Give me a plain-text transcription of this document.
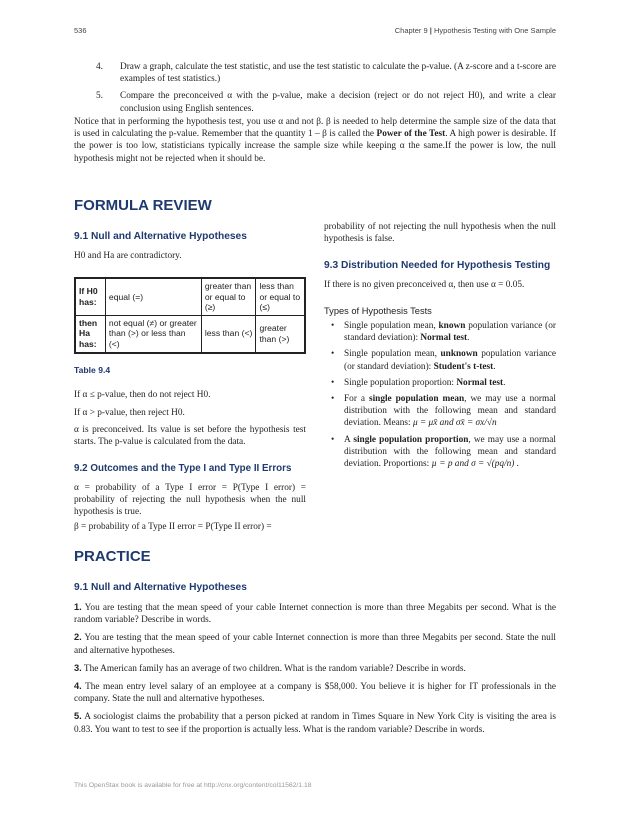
536	Chapter 9 | Hypothesis Testing with One Sample
4. Draw a graph, calculate the test statistic, and use the test statistic to calculate the p-value. (A z-score and a t-score are examples of test statistics.)
5. Compare the preconceived α with the p-value, make a decision (reject or do not reject H0), and write a clear conclusion using English sentences.
Notice that in performing the hypothesis test, you use α and not β. β is needed to help determine the sample size of the data that is used in calculating the p-value. Remember that the quantity 1 – β is called the Power of the Test. A high power is desirable. If the power is too low, statisticians typically increase the sample size while keeping α the same.If the power is low, the null hypothesis might not be rejected when it should be.
FORMULA REVIEW
9.1 Null and Alternative Hypotheses
H0 and Ha are contradictory.
If H0 has:	equal (=)	greater than or equal to (≥)	less than or equal to (≤)
then Ha has:	not equal (≠) or greater than (>) or less than (<)	less than (<)	greater than (>)
Table 9.4
If α ≤ p-value, then do not reject H0.
If α > p-value, then reject H0.
α is preconceived. Its value is set before the hypothesis test starts. The p-value is calculated from the data.
9.2 Outcomes and the Type I and Type II Errors
α = probability of a Type I error = P(Type I error) = probability of rejecting the null hypothesis when the null hypothesis is true.
β = probability of a Type II error = P(Type II error) =
probability of not rejecting the null hypothesis when the null hypothesis is false.
9.3 Distribution Needed for Hypothesis Testing
If there is no given preconceived α, then use α = 0.05.
Types of Hypothesis Tests
• Single population mean, known population variance (or standard deviation): Normal test.
• Single population mean, unknown population variance (or standard deviation): Student's t-test.
• Single population proportion: Normal test.
• For a single population mean, we may use a normal distribution with the following mean and standard deviation. Means: μ = μx̄ and σx̄ = σx/√n
• A single population proportion, we may use a normal distribution with the following mean and standard deviation. Proportions: µ = p and σ = √(pq/n) .
PRACTICE
9.1 Null and Alternative Hypotheses
1. You are testing that the mean speed of your cable Internet connection is more than three Megabits per second. What is the random variable? Describe in words.
2. You are testing that the mean speed of your cable Internet connection is more than three Megabits per second. State the null and alternative hypotheses.
3. The American family has an average of two children. What is the random variable? Describe in words.
4. The mean entry level salary of an employee at a company is $58,000. You believe it is higher for IT professionals in the company. State the null and alternative hypotheses.
5. A sociologist claims the probability that a person picked at random in Times Square in New York City is visiting the area is 0.83. You want to test to see if the proportion is actually less. What is the random variable? Describe in words.
This OpenStax book is available for free at http://cnx.org/content/col11562/1.18
